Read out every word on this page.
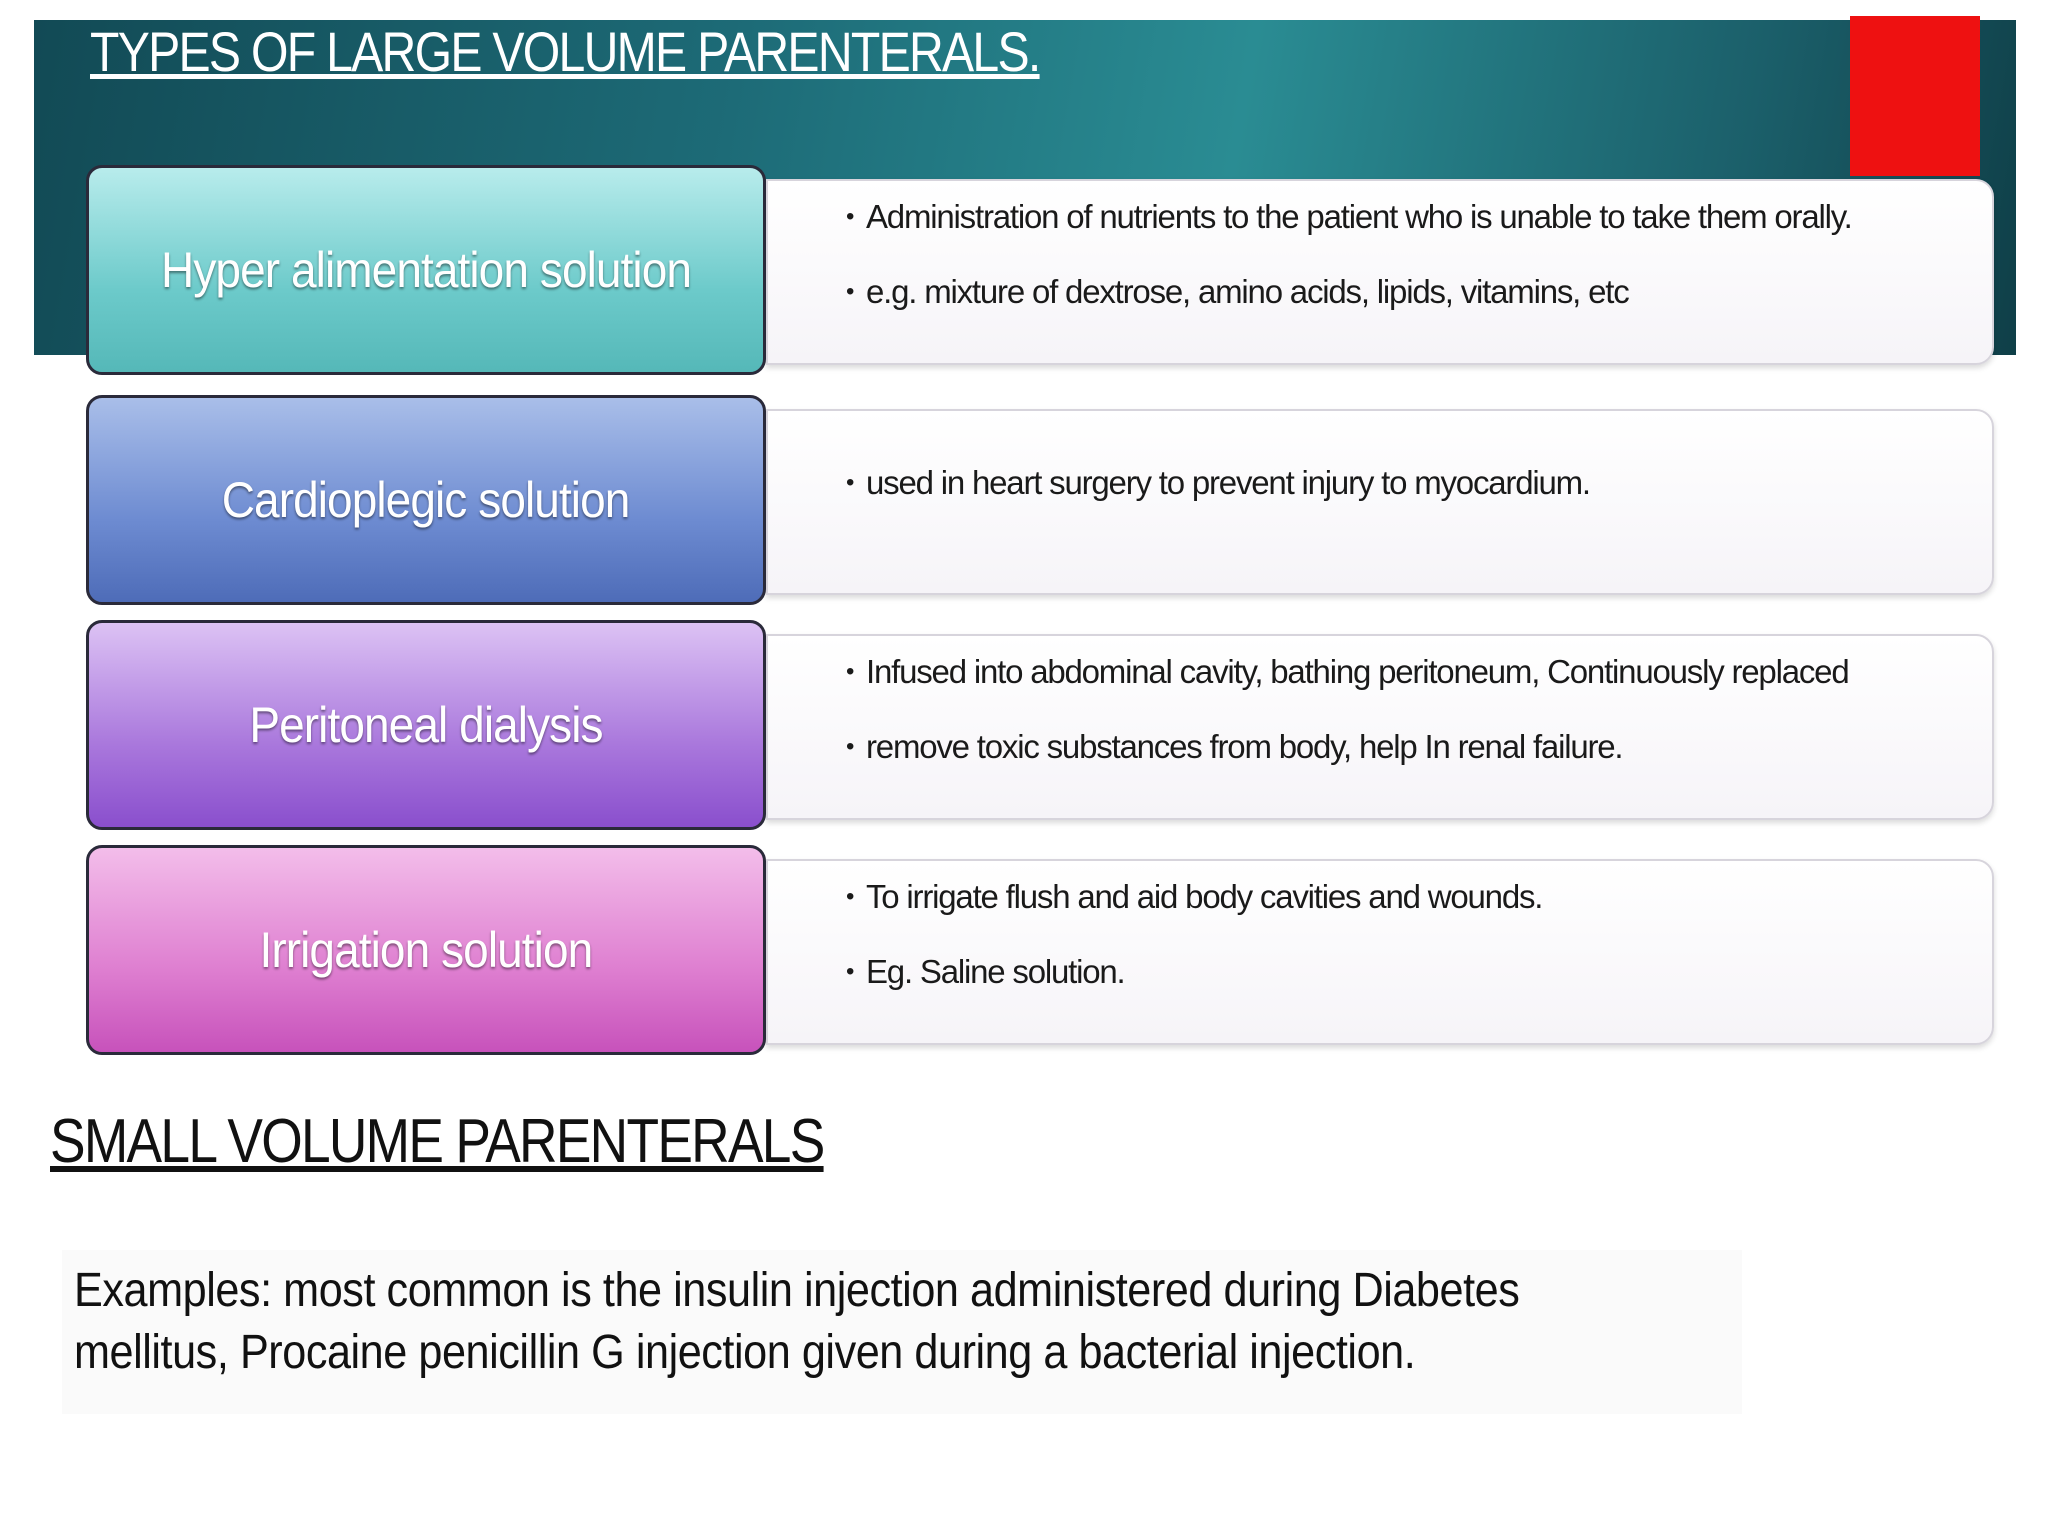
TYPES OF LARGE VOLUME PARENTERALS.
• Administration of nutrients to the patient who is unable to take them orally.
• e.g. mixture of dextrose, amino acids, lipids, vitamins, etc
Hyper alimentation solution
• used in heart surgery to prevent injury to myocardium.
Cardioplegic solution
• Infused into abdominal cavity, bathing peritoneum, Continuously replaced
• remove toxic substances from body, help In renal failure.
Peritoneal dialysis
• To irrigate flush and aid body cavities and wounds.
• Eg. Saline solution.
Irrigation solution
SMALL VOLUME PARENTERALS
Examples: most common is the insulin injection administered during Diabetes
mellitus, Procaine penicillin G injection given during a bacterial injection.
